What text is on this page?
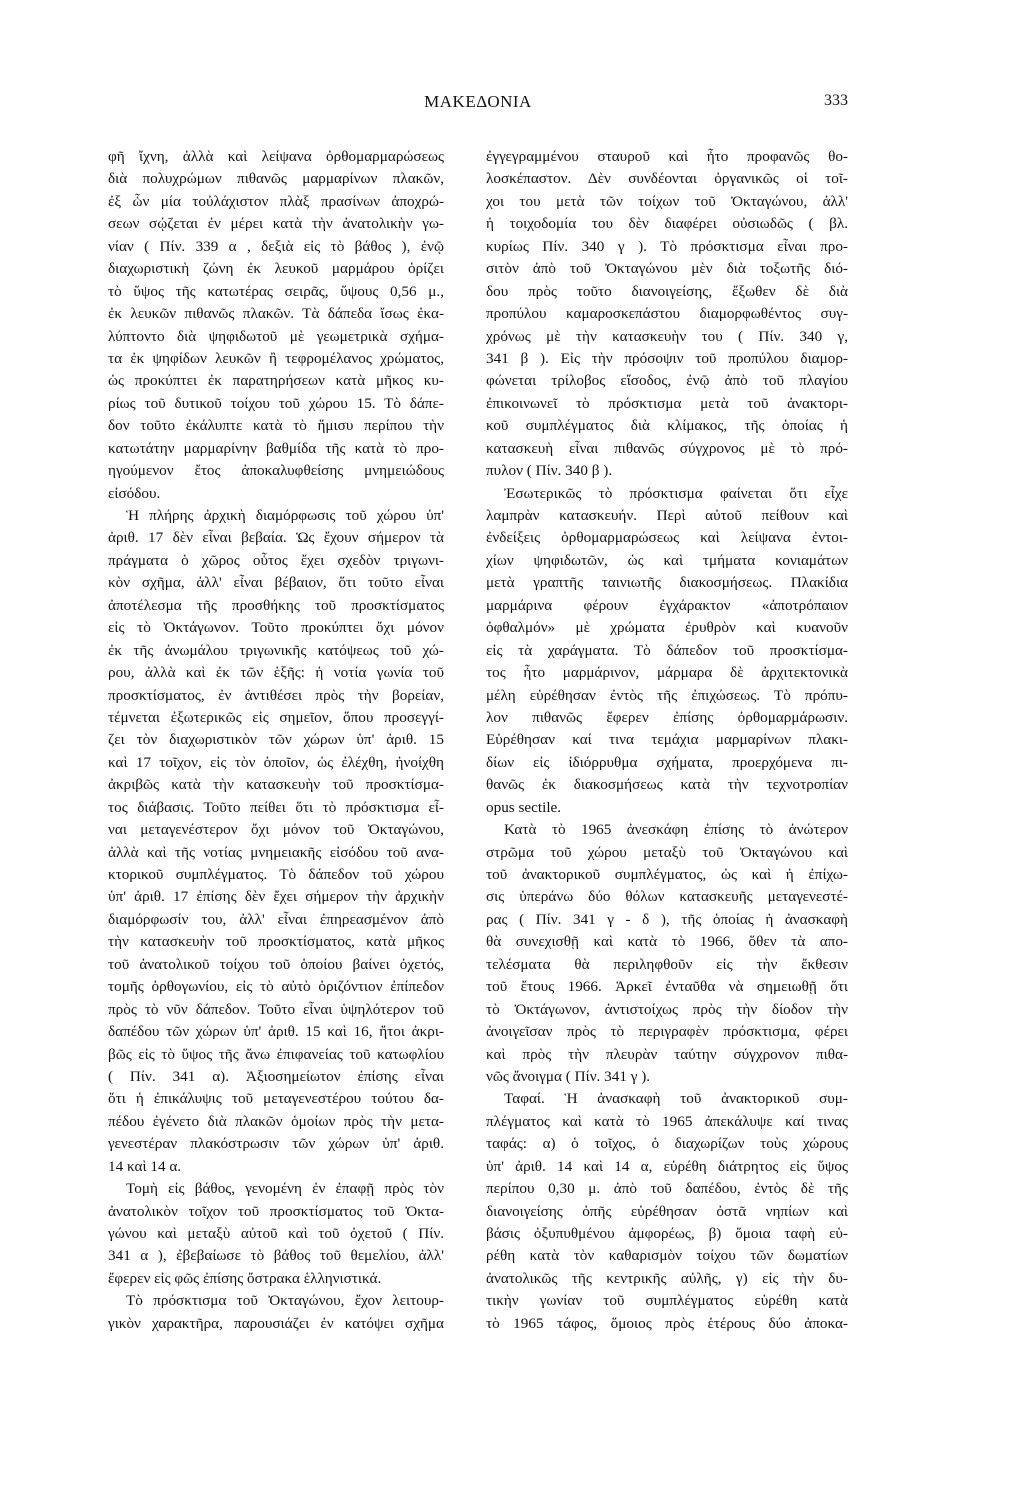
ΜΑΚΕΔΟΝΙΑ	333
φῆ ἴχνη, ἀλλὰ καὶ λείψανα ὀρθομαρμαρώσεως
διὰ πολυχρώμων πιθανῶς μαρμαρίνων πλακῶν,
ἐξ ὧν μία τοὐλάχιστον πλὰξ πρασίνων ἀποχρώ-
σεων σῴζεται ἐν μέρει κατὰ τὴν ἀνατολικὴν γω-
νίαν ( Πίν. 339 α , δεξιὰ εἰς τὸ βάθος ), ἐνῷ
διαχωριστικὴ ζώνη ἐκ λευκοῦ μαρμάρου ὁρίζει
τὸ ὕψος τῆς κατωτέρας σειρᾶς, ὕψους 0,56 μ.,
ἐκ λευκῶν πιθανῶς πλακῶν. Τὰ δάπεδα ἴσως ἐκα-
λύπτοντο διὰ ψηφιδωτοῦ μὲ γεωμετρικὰ σχήμα-
τα ἐκ ψηφίδων λευκῶν ἢ τεφρομέλανος χρώματος,
ὡς προκύπτει ἐκ παρατηρήσεων κατὰ μῆκος κυ-
ρίως τοῦ δυτικοῦ τοίχου τοῦ χώρου 15. Τὸ δάπε-
δον τοῦτο ἐκάλυπτε κατὰ τὸ ἥμισυ περίπου τὴν
κατωτάτην μαρμαρίνην βαθμίδα τῆς κατὰ τὸ προ-
ηγούμενον ἔτος ἀποκαλυφθείσης μνημειώδους
εἰσόδου.
Ἡ πλήρης ἀρχικὴ διαμόρφωσις τοῦ χώρου ὑπ'
ἀριθ. 17 δὲν εἶναι βεβαία. Ὡς ἔχουν σήμερον τὰ
πράγματα ὁ χῶρος οὗτος ἔχει σχεδὸν τριγωνι-
κὸν σχῆμα, ἀλλ' εἶναι βέβαιον, ὅτι τοῦτο εἶναι
ἀποτέλεσμα τῆς προσθήκης τοῦ προσκτίσματος
εἰς τὸ Ὀκτάγωνον. Τοῦτο προκύπτει ὄχι μόνον
ἐκ τῆς ἀνωμάλου τριγωνικῆς κατόψεως τοῦ χώ-
ρου, ἀλλὰ καὶ ἐκ τῶν ἑξῆς: ἡ νοτία γωνία τοῦ
προσκτίσματος, ἐν ἀντιθέσει πρὸς τὴν βορείαν,
τέμνεται ἐξωτερικῶς εἰς σημεῖον, ὅπου προσεγγί-
ζει τὸν διαχωριστικὸν τῶν χώρων ὑπ' ἀριθ. 15
καὶ 17 τοῖχον, εἰς τὸν ὁποῖον, ὡς ἐλέχθη, ἠνοίχθη
ἀκριβῶς κατὰ τὴν κατασκευὴν τοῦ προσκτίσμα-
τος διάβασις. Τοῦτο πείθει ὅτι τὸ πρόσκτισμα εἶ-
ναι μεταγενέστερον ὄχι μόνον τοῦ Ὀκταγώνου,
ἀλλὰ καὶ τῆς νοτίας μνημειακῆς εἰσόδου τοῦ ανα-
κτορικοῦ συμπλέγματος. Τὸ δάπεδον τοῦ χώρου
ὑπ' ἀριθ. 17 ἐπίσης δὲν ἔχει σήμερον τὴν ἀρχικὴν
διαμόρφωσίν του, ἀλλ' εἶναι ἐπηρεασμένον ἀπὸ
τὴν κατασκευὴν τοῦ προσκτίσματος, κατὰ μῆκος
τοῦ ἀνατολικοῦ τοίχου τοῦ ὁποίου βαίνει ὀχετός,
τομῆς ὀρθογωνίου, εἰς τὸ αὐτὸ ὁριζόντιον ἐπίπεδον
πρὸς τὸ νῦν δάπεδον. Τοῦτο εἶναι ὑψηλότερον τοῦ
δαπέδου τῶν χώρων ὑπ' ἀριθ. 15 καὶ 16, ἤτοι ἀκρι-
βῶς εἰς τὸ ὕψος τῆς ἄνω ἐπιφανείας τοῦ κατωφλίου
( Πίν. 341 α). Ἀξιοσημείωτον ἐπίσης εἶναι
ὅτι ἡ ἐπικάλυψις τοῦ μεταγενεστέρου τούτου δα-
πέδου ἐγένετο διὰ πλακῶν ὁμοίων πρὸς τὴν μετα-
γενεστέραν πλακόστρωσιν τῶν χώρων ὑπ' ἀριθ.
14 καὶ 14 α.
Τομὴ εἰς βάθος, γενομένη ἐν ἐπαφῇ πρὸς τὸν
ἀνατολικὸν τοῖχον τοῦ προσκτίσματος τοῦ Ὀκτα-
γώνου καὶ μεταξὺ αὐτοῦ καὶ τοῦ ὀχετοῦ ( Πίν.
341 α ), ἐβεβαίωσε τὸ βάθος τοῦ θεμελίου, ἀλλ'
ἔφερεν εἰς φῶς ἐπίσης ὄστρακα ἑλληνιστικά.
Τὸ πρόσκτισμα τοῦ Ὀκταγώνου, ἔχον λειτουρ-
γικὸν χαρακτῆρα, παρουσιάζει ἐν κατόψει σχῆμα
ἐγγεγραμμένου σταυροῦ καὶ ἦτο προφανῶς θο-
λοσκέπαστον. Δὲν συνδέονται ὀργανικῶς οἱ τοῖ-
χοι του μετὰ τῶν τοίχων τοῦ Ὀκταγώνου, ἀλλ'
ἡ τοιχοδομία του δὲν διαφέρει οὐσιωδῶς ( βλ.
κυρίως Πίν. 340 γ ). Τὸ πρόσκτισμα εἶναι προ-
σιτὸν ἀπὸ τοῦ Ὀκταγώνου μὲν διὰ τοξωτῆς διό-
δου πρὸς τοῦτο διανοιγείσης, ἔξωθεν δὲ διὰ
προπύλου καμαροσκεπάστου διαμορφωθέντος συγ-
χρόνως μὲ τὴν κατασκευὴν του ( Πίν. 340 γ,
341 β ). Εἰς τὴν πρόσοψιν τοῦ προπύλου διαμορ-
φώνεται τρίλοβος εἴσοδος, ἐνῷ ἀπὸ τοῦ πλαγίου
ἐπικοινωνεῖ τὸ πρόσκτισμα μετὰ τοῦ ἀνακτορι-
κοῦ συμπλέγματος διὰ κλίμακος, τῆς ὁποίας ἡ
κατασκευὴ εἶναι πιθανῶς σύγχρονος μὲ τὸ πρό-
πυλον ( Πίν. 340 β ).
Ἐσωτερικῶς τὸ πρόσκτισμα φαίνεται ὅτι εἶχε
λαμπρὰν κατασκευήν. Περὶ αὐτοῦ πείθουν καὶ
ἐνδείξεις ὀρθομαρμαρώσεως καὶ λείψανα ἐντοι-
χίων ψηφιδωτῶν, ὡς καὶ τμήματα κονιαμάτων
μετὰ γραπτῆς ταινιωτῆς διακοσμήσεως. Πλακίδια
μαρμάρινα φέρουν ἐγχάρακτον «ἀποτρόπαιον
ὀφθαλμόν» μὲ χρώματα ἐρυθρὸν καὶ κυανοῦν
εἰς τὰ χαράγματα. Τὸ δάπεδον τοῦ προσκτίσμα-
τος ἦτο μαρμάρινον, μάρμαρα δὲ ἀρχιτεκτονικὰ
μέλη εὑρέθησαν ἐντὸς τῆς ἐπιχώσεως. Τὸ πρόπυ-
λον πιθανῶς ἔφερεν ἐπίσης ὀρθομαρμάρωσιν.
Εὑρέθησαν καί τινα τεμάχια μαρμαρίνων πλακι-
δίων εἰς ἰδιόρρυθμα σχήματα, προερχόμενα πι-
θανῶς ἐκ διακοσμήσεως κατὰ τὴν τεχνοτροπίαν
opus sectile.
Κατὰ τὸ 1965 ἀνεσκάφη ἐπίσης τὸ ἀνώτερον
στρῶμα τοῦ χώρου μεταξὺ τοῦ Ὀκταγώνου καὶ
τοῦ ἀνακτορικοῦ συμπλέγματος, ὡς καὶ ἡ ἐπίχω-
σις ὑπεράνω δύο θόλων κατασκευῆς μεταγενεστέ-
ρας ( Πίν. 341 γ - δ ), τῆς ὁποίας ἡ ἀνασκαφὴ
θὰ συνεχισθῇ καὶ κατὰ τὸ 1966, ὅθεν τὰ απο-
τελέσματα θὰ περιληφθοῦν εἰς τὴν ἔκθεσιν
τοῦ ἔτους 1966. Ἀρκεῖ ἐνταῦθα νὰ σημειωθῇ ὅτι
τὸ Ὀκτάγωνον, ἀντιστοίχως πρὸς τὴν δίοδον τὴν
ἀνοιγεῖσαν πρὸς τὸ περιγραφὲν πρόσκτισμα, φέρει
καὶ πρὸς τὴν πλευρὰν ταύτην σύγχρονον πιθα-
νῶς ἄνοιγμα ( Πίν. 341 γ ).
Ταφαί. Ἡ ἀνασκαφὴ τοῦ ἀνακτορικοῦ συμ-
πλέγματος καὶ κατὰ τὸ 1965 ἀπεκάλυψε καί τινας
ταφάς: α) ὁ τοῖχος, ὁ διαχωρίζων τοὺς χώρους
ὑπ' ἀριθ. 14 καὶ 14 α, εὑρέθη διάτρητος εἰς ὕψος
περίπου 0,30 μ. ἀπὸ τοῦ δαπέδου, ἐντὸς δὲ τῆς
διανοιγείσης ὀπῆς εὑρέθησαν ὀστᾶ νηπίων καὶ
βάσις ὀξυπυθμένου ἀμφορέως, β) ὅμοια ταφὴ εὑ-
ρέθη κατὰ τὸν καθαρισμὸν τοίχου τῶν δωματίων
ἀνατολικῶς τῆς κεντρικῆς αὐλῆς, γ) εἰς τὴν δυ-
τικὴν γωνίαν τοῦ συμπλέγματος εὑρέθη κατὰ
τὸ 1965 τάφος, ὅμοιος πρὸς ἑτέρους δύο ἀποκα-
